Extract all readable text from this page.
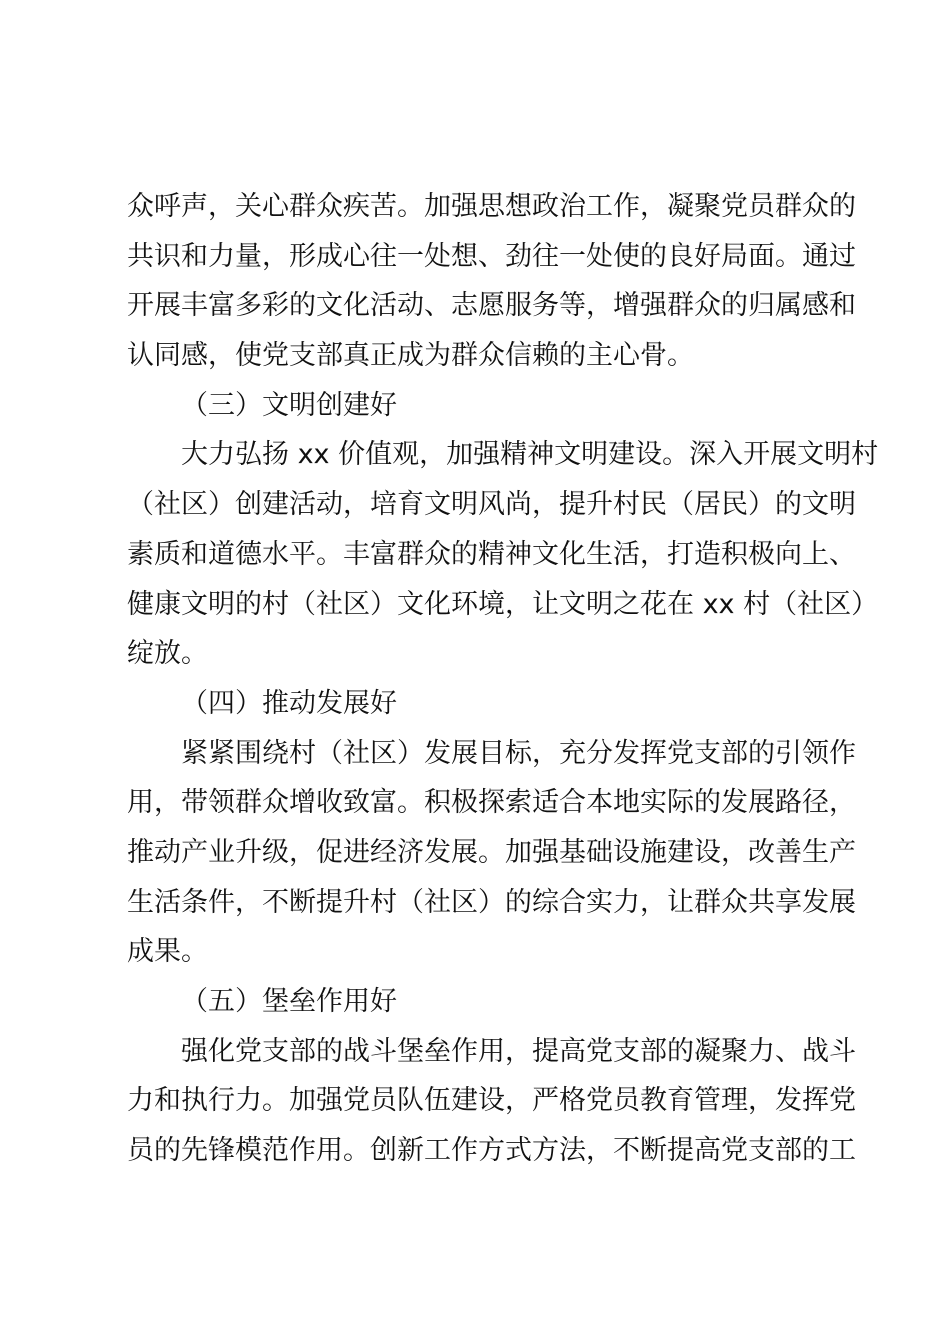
众呼声，关心群众疾苦。加强思想政治工作，凝聚党员群众的
共识和力量，形成心往一处想、劲往一处使的良好局面。通过
开展丰富多彩的文化活动、志愿服务等，增强群众的归属感和
认同感，使党支部真正成为群众信赖的主心骨。
（三）文明创建好
大力弘扬 xx 价值观，加强精神文明建设。深入开展文明村
（社区）创建活动，培育文明风尚，提升村民（居民）的文明
素质和道德水平。丰富群众的精神文化生活，打造积极向上、
健康文明的村（社区）文化环境，让文明之花在 xx 村（社区）
绽放。
（四）推动发展好
紧紧围绕村（社区）发展目标，充分发挥党支部的引领作
用，带领群众增收致富。积极探索适合本地实际的发展路径，
推动产业升级，促进经济发展。加强基础设施建设，改善生产
生活条件，不断提升村（社区）的综合实力，让群众共享发展
成果。
（五）堡垒作用好
强化党支部的战斗堡垒作用，提高党支部的凝聚力、战斗
力和执行力。加强党员队伍建设，严格党员教育管理，发挥党
员的先锋模范作用。创新工作方式方法，不断提高党支部的工
